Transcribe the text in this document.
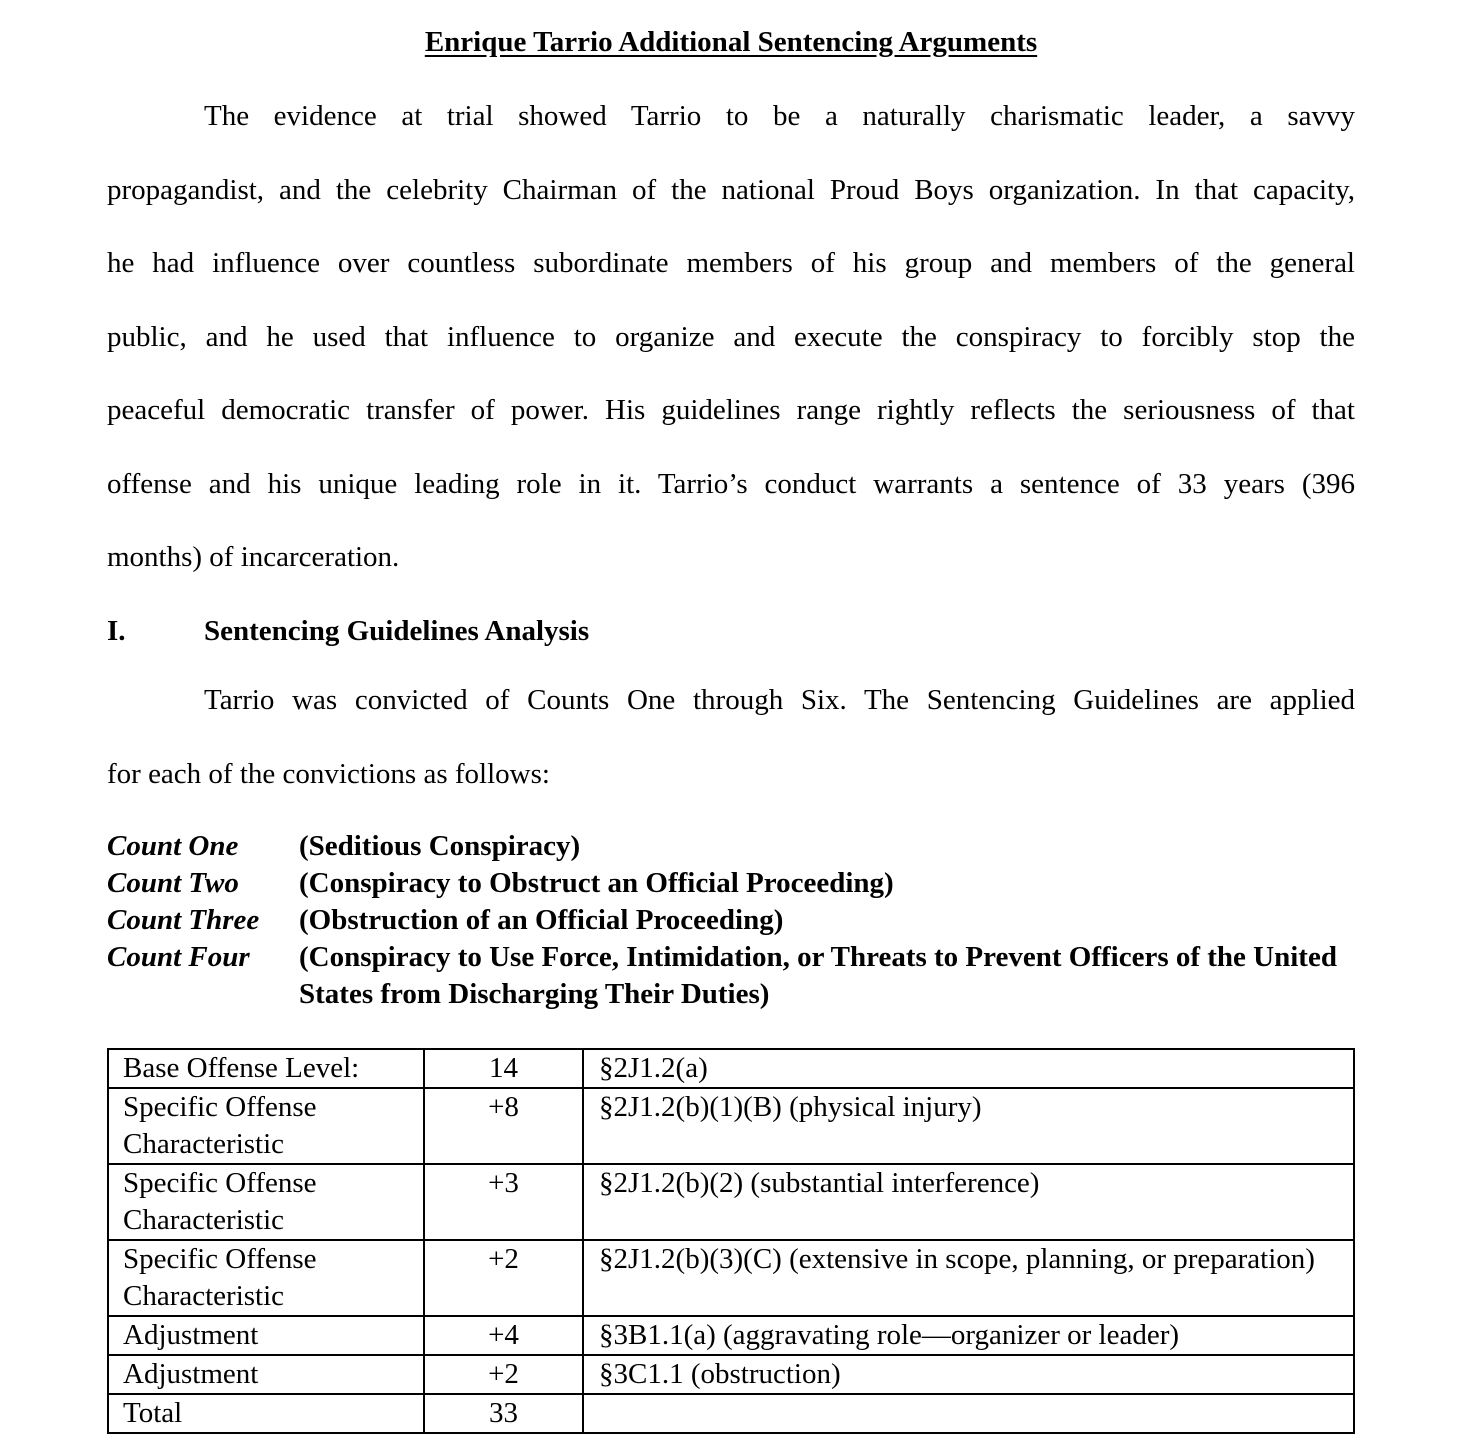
Enrique Tarrio Additional Sentencing Arguments
The evidence at trial showed Tarrio to be a naturally charismatic leader, a savvy
propagandist, and the celebrity Chairman of the national Proud Boys organization. In that capacity,
he had influence over countless subordinate members of his group and members of the general
public, and he used that influence to organize and execute the conspiracy to forcibly stop the
peaceful democratic transfer of power. His guidelines range rightly reflects the seriousness of that
offense and his unique leading role in it. Tarrio’s conduct warrants a sentence of 33 years (396
months) of incarceration.
I.	Sentencing Guidelines Analysis
Tarrio was convicted of Counts One through Six. The Sentencing Guidelines are applied
for each of the convictions as follows:
Count One (Seditious Conspiracy)
Count Two (Conspiracy to Obstruct an Official Proceeding)
Count Three (Obstruction of an Official Proceeding)
Count Four (Conspiracy to Use Force, Intimidation, or Threats to Prevent Officers of the United States from Discharging Their Duties)
Base Offense Level:	14	§2J1.2(a)
Specific Offense Characteristic	+8	§2J1.2(b)(1)(B) (physical injury)
Specific Offense Characteristic	+3	§2J1.2(b)(2) (substantial interference)
Specific Offense Characteristic	+2	§2J1.2(b)(3)(C) (extensive in scope, planning, or preparation)
Adjustment	+4	§3B1.1(a) (aggravating role—organizer or leader)
Adjustment	+2	§3C1.1 (obstruction)
Total	33	
